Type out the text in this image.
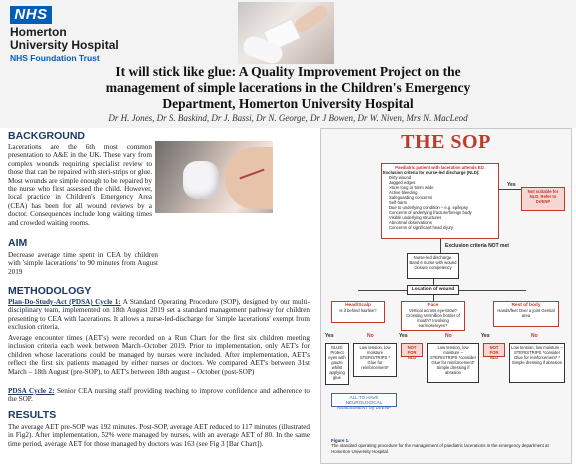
NHS
Homerton
University Hospital
NHS Foundation Trust
It will stick like glue: A Quality Improvement Project on the management of simple lacerations in the Children's Emergency Department, Homerton University Hospital
Dr H. Jones, Dr S. Baskind, Dr J. Bassi, Dr N. George, Dr J Bowen, Dr W. Niven, Mrs N. MacLeod
BACKGROUND
Lacerations are the 6th most common presentation to A&E in the UK. These vary from complex wounds requiring specialist review to those that can be repaired with steri-strips or glue. Most wounds are simple enough to be repaired by the nurse who first assessed the child. However, local practice in Children's Emergency Area (CEA) has been for all wound reviews by a doctor. Consequences include long waiting times and crowded waiting rooms.
AIM
Decrease average time spent in CEA by children with 'simple lacerations' to 90 minutes from August 2019
METHODOLOGY
Plan-Do-Study-Act (PDSA) Cycle 1: A Standard Operating Procedure (SOP), designed by our multi-disciplinary team, implemented on 18th August 2019 set a standard management pathway for children presenting to CEA with lacerations. It allows a nurse-led-discharge for 'simple lacerations' exempt from exclusion criteria.
Average encounter times (AET's) were recorded on a Run Chart for the first six children meeting inclusion criteria each week between March–October 2019. Prior to implementation, only AET's for children whose lacerations could be managed by nurses were included. After implementation, AET's reflect the first six patients managed by either nurses or doctors. We compared AET's between 31st March – 18th August (pre-SOP), to AET's between 18th august – October (post-SOP)
PDSA Cycle 2: Senior CEA nursing staff providing teaching to improve confidence and adherence to the SOP.
RESULTS
The average AET pre-SOP was 192 minutes. Post-SOP, average AET reduced to 117 minutes (illustrated in Fig2). After implementation, 52% were managed by nurses, with an average AET of 80. In the same time period, average AET for those managed by doctors was 163 (see Fig 3 [Bar Chart]).
THE SOP
Paediatric patient with laceration attends ED.
Exclusion criteria for nurse-led discharge (NLD):
Dirty wound
Jagged edges
>5cm long or 5mm wide
Active bleeding
Safeguarding concerns
Self-harm
Due to underlying condition – e.g. epilepsy
Concerns of underlying fracture/foreign body
Visible underlying structures
Abnormal observations
Concerns of significant head injury
Yes
Not suitable for NLD. Refer to Dr/ENP
Exclusion criteria NOT met
Nurse-led discharge. Band 6 nurse with wound closure competency
Location of wound
Head/Scalp
Is it behind hairline?
Face
Vertical across eye-brow? Crossing Vermillion border of mouth? Involving ear/nose/eyes?
Rest of body
Hands/feet Over a joint Genital area
Yes	No	Yes	No	Yes	No
GLUE: Protect eyes with gauze whilst applying glue
Low tension, low moisture STERISTRIPS * Glue for reinforcement*
NOT FOR NLD
Low tension, low moisture – STERISTRIPS *consider Glue for reinforcement* Simple dressing if abrasion
NOT FOR NLD
Low tension, low moisture – STERISTRIPS *consider Glue for reinforcement* * Simple dressing if abrasion
ALL TO HAVE NEUROLOGICAL ASSESSMENT by Dr/ENP
Figure 1.
The standard operating procedure for the management of paediatric lacerations in the emergency department at Homerton University Hospital.
